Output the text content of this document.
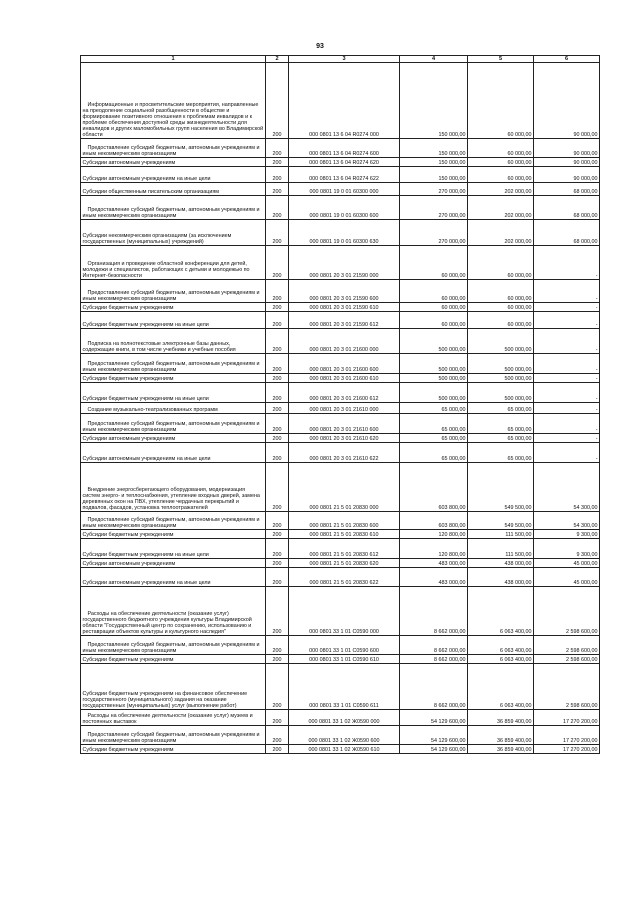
93
1	2	3	4	5	6
Информационные и просветительские мероприятия, направленные на преодоление социальной разобщенности в обществе и формирование позитивного отношения к проблемам инвалидов и к проблеме обеспечения доступной среды жизнедеятельности для инвалидов и других маломобильных групп населения во Владимирской области	200	000 0801 13 6 04 R0274 000	150 000,00	60 000,00	90 000,00
Предоставление субсидий бюджетным, автономным учреждениям и иным некоммерческим организациям	200	000 0801 13 6 04 R0274 600	150 000,00	60 000,00	90 000,00
Субсидии автономным учреждениям	200	000 0801 13 6 04 R0274 620	150 000,00	60 000,00	90 000,00
Субсидии автономным учреждениям на иные цели	200	000 0801 13 6 04 R0274 622	150 000,00	60 000,00	90 000,00
Субсидии общественным писательским организациям	200	000 0801 19 0 01 60300 000	270 000,00	202 000,00	68 000,00
Предоставление субсидий бюджетным, автономным учреждениям и иным некоммерческим организациям	200	000 0801 19 0 01 60300 600	270 000,00	202 000,00	68 000,00
Субсидии некоммерческим организациям (за исключением государственных (муниципальных) учреждений)	200	000 0801 19 0 01 60300 630	270 000,00	202 000,00	68 000,00
Организация и проведение областной конференции для детей, молодежи и специалистов, работающих с детьми и молодежью по Интернет-безопасности	200	000 0801 20 3 01 21590 000	60 000,00	60 000,00	-
Предоставление субсидий бюджетным, автономным учреждениям и иным некоммерческим организациям	200	000 0801 20 3 01 21590 600	60 000,00	60 000,00	-
Субсидии бюджетным учреждениям	200	000 0801 20 3 01 21590 610	60 000,00	60 000,00	-
Субсидии бюджетным учреждениям на иные цели	200	000 0801 20 3 01 21590 612	60 000,00	60 000,00	-
Подписка на полнотекстовые электронные базы данных, содержащие книги, в том числе учебники и учебные пособия	200	000 0801 20 3 01 21600 000	500 000,00	500 000,00	-
Предоставление субсидий бюджетным, автономным учреждениям и иным некоммерческим организациям	200	000 0801 20 3 01 21600 600	500 000,00	500 000,00	-
Субсидии бюджетным учреждениям	200	000 0801 20 3 01 21600 610	500 000,00	500 000,00	-
Субсидии бюджетным учреждениям на иные цели	200	000 0801 20 3 01 21600 612	500 000,00	500 000,00	-
Создание музыкально-театрализованных программ	200	000 0801 20 3 01 21610 000	65 000,00	65 000,00	-
Предоставление субсидий бюджетным, автономным учреждениям и иным некоммерческим организациям	200	000 0801 20 3 01 21610 600	65 000,00	65 000,00	-
Субсидии автономным учреждениям	200	000 0801 20 3 01 21610 620	65 000,00	65 000,00	-
Субсидии автономным учреждениям на иные цели	200	000 0801 20 3 01 21610 622	65 000,00	65 000,00	-
Внедрение энергосберегающего оборудования, модернизация систем энерго- и теплоснабжения, утепление входных дверей, замена деревянных окон на ПВХ, утепление чердачных перекрытий и подвалов, фасадов, установка теплоотражателей	200	000 0801 21 5 01 20830 000	603 800,00	549 500,00	54 300,00
Предоставление субсидий бюджетным, автономным учреждениям и иным некоммерческим организациям	200	000 0801 21 5 01 20830 600	603 800,00	549 500,00	54 300,00
Субсидии бюджетным учреждениям	200	000 0801 21 5 01 20830 610	120 800,00	111 500,00	9 300,00
Субсидии бюджетным учреждениям на иные цели	200	000 0801 21 5 01 20830 612	120 800,00	111 500,00	9 300,00
Субсидии автономным учреждениям	200	000 0801 21 5 01 20830 620	483 000,00	438 000,00	45 000,00
Субсидии автономным учреждениям на иные цели	200	000 0801 21 5 01 20830 622	483 000,00	438 000,00	45 000,00
Расходы на обеспечение деятельности (оказание услуг) государственного бюджетного учреждения культуры Владимирской области "Государственный центр по сохранению, использованию и реставрации объектов культуры и культурного наследия"	200	000 0801 33 1 01 С0590 000	8 662 000,00	6 063 400,00	2 598 600,00
Предоставление субсидий бюджетным, автономным учреждениям и иным некоммерческим организациям	200	000 0801 33 1 01 С0590 600	8 662 000,00	6 063 400,00	2 598 600,00
Субсидии бюджетным учреждениям	200	000 0801 33 1 01 С0590 610	8 662 000,00	6 063 400,00	2 598 600,00
Субсидии бюджетным учреждениям на финансовое обеспечение государственного (муниципального) задания на оказание государственных (муниципальных) услуг (выполнение работ)	200	000 0801 33 1 01 С0590 611	8 662 000,00	6 063 400,00	2 598 600,00
Расходы на обеспечение деятельности (оказание услуг) музеев и постоянных выставок	200	000 0801 33 1 02 Ж0590 000	54 129 600,00	36 859 400,00	17 270 200,00
Предоставление субсидий бюджетным, автономным учреждениям и иным некоммерческим организациям	200	000 0801 33 1 02 Ж0590 600	54 129 600,00	36 859 400,00	17 270 200,00
Субсидии бюджетным учреждениям	200	000 0801 33 1 02 Ж0590 610	54 129 600,00	36 859 400,00	17 270 200,00
